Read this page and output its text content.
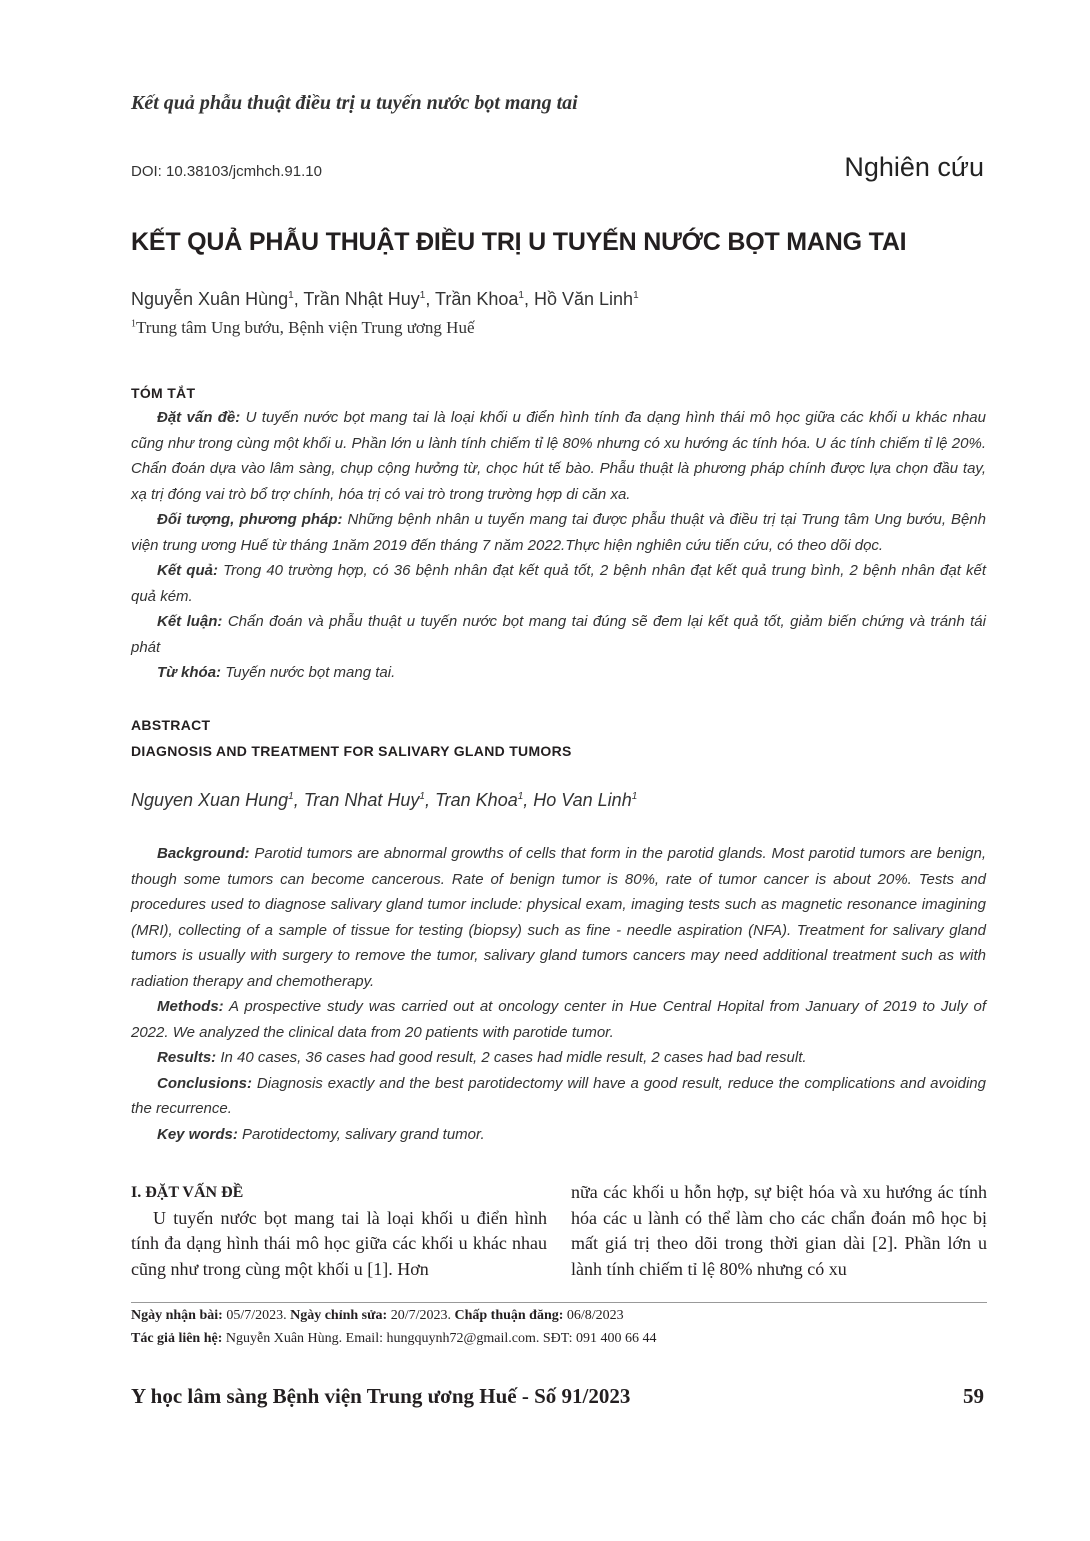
Kết quả phẫu thuật điều trị u tuyến nước bọt mang tai
DOI: 10.38103/jcmhch.91.10	Nghiên cứu
KẾT QUẢ PHẪU THUẬT ĐIỀU TRỊ U TUYẾN NƯỚC BỌT MANG TAI
Nguyễn Xuân Hùng$^1$, Trần Nhật Huy$^1$, Trần Khoa$^1$, Hồ Văn Linh$^1$
$^1$Trung tâm Ung bướu, Bệnh viện Trung ương Huế
TÓM TẮT

Đặt vấn đề: U tuyến nước bọt mang tai là loại khối u điển hình tính đa dạng hình thái mô học giữa các khối u khác nhau cũng như trong cùng một khối u. Phần lớn u lành tính chiếm tỉ lệ 80% nhưng có xu hướng ác tính hóa. U ác tính chiếm tỉ lệ 20%. Chẩn đoán dựa vào lâm sàng, chụp cộng hưởng từ, chọc hút tế bào. Phẫu thuật là phương pháp chính được lựa chọn đầu tay, xạ trị đóng vai trò bổ trợ chính, hóa trị có vai trò trong trường hợp di căn xa.

Đối tượng, phương pháp: Những bệnh nhân u tuyến mang tai được phẫu thuật và điều trị tại Trung tâm Ung bướu, Bệnh viện trung ương Huế từ tháng 1năm 2019 đến tháng 7 năm 2022.Thực hiện nghiên cứu tiến cứu, có theo dõi dọc.

Kết quả: Trong 40 trường hợp, có 36 bệnh nhân đạt kết quả tốt, 2 bệnh nhân đạt kết quả trung bình, 2 bệnh nhân đạt kết quả kém.

Kết luận: Chẩn đoán và phẫu thuật u tuyến nước bọt mang tai đúng sẽ đem lại kết quả tốt, giảm biến chứng và tránh tái phát

Từ khóa: Tuyến nước bọt mang tai.

ABSTRACT
DIAGNOSIS AND TREATMENT FOR SALIVARY GLAND TUMORS
Nguyen Xuan Hung$^1$, Tran Nhat Huy$^1$, Tran Khoa$^1$, Ho Van Linh$^1$

Background: Parotid tumors are abnormal growths of cells that form in the parotid glands. Most parotid tumors are benign, though some tumors can become cancerous. Rate of benign tumor is 80%, rate of tumor cancer is about 20%. Tests and procedures used to diagnose salivary gland tumor include: physical exam, imaging tests such as magnetic resonance imagining (MRI), collecting of a sample of tissue for testing (biopsy) such as fine - needle aspiration (NFA). Treatment for salivary gland tumors is usually with surgery to remove the tumor, salivary gland tumors cancers may need additional treatment such as with radiation therapy and chemotherapy.

Methods: A prospective study was carried out at oncology center in Hue Central Hopital from January of 2019 to July of 2022. We analyzed the clinical data from 20 patients with parotide tumor.

Results: In 40 cases, 36 cases had good result, 2 cases had midle result, 2 cases had bad result.

Conclusions: Diagnosis exactly and the best parotidectomy will have a good result, reduce the complications and avoiding the recurrence.

Key words: Parotidectomy, salivary grand tumor.

I. ĐẶT VẤN ĐỀ

U tuyến nước bọt mang tai là loại khối u điển hình tính đa dạng hình thái mô học giữa các khối u khác nhau cũng như trong cùng một khối u [1]. Hơn

nữa các khối u hỗn hợp, sự biệt hóa và xu hướng ác tính hóa các u lành có thể làm cho các chẩn đoán mô học bị mất giá trị theo dõi trong thời gian dài [2]. Phần lớn u lành tính chiếm tỉ lệ 80% nhưng có xu

Ngày nhận bài: 05/7/2023. Ngày chỉnh sửa: 20/7/2023. Chấp thuận đăng: 06/8/2023
Tác giả liên hệ: Nguyễn Xuân Hùng. Email: hungquynh72@gmail.com. SĐT: 091 400 66 44
Y học lâm sàng Bệnh viện Trung ương Huế - Số 91/2023	59
